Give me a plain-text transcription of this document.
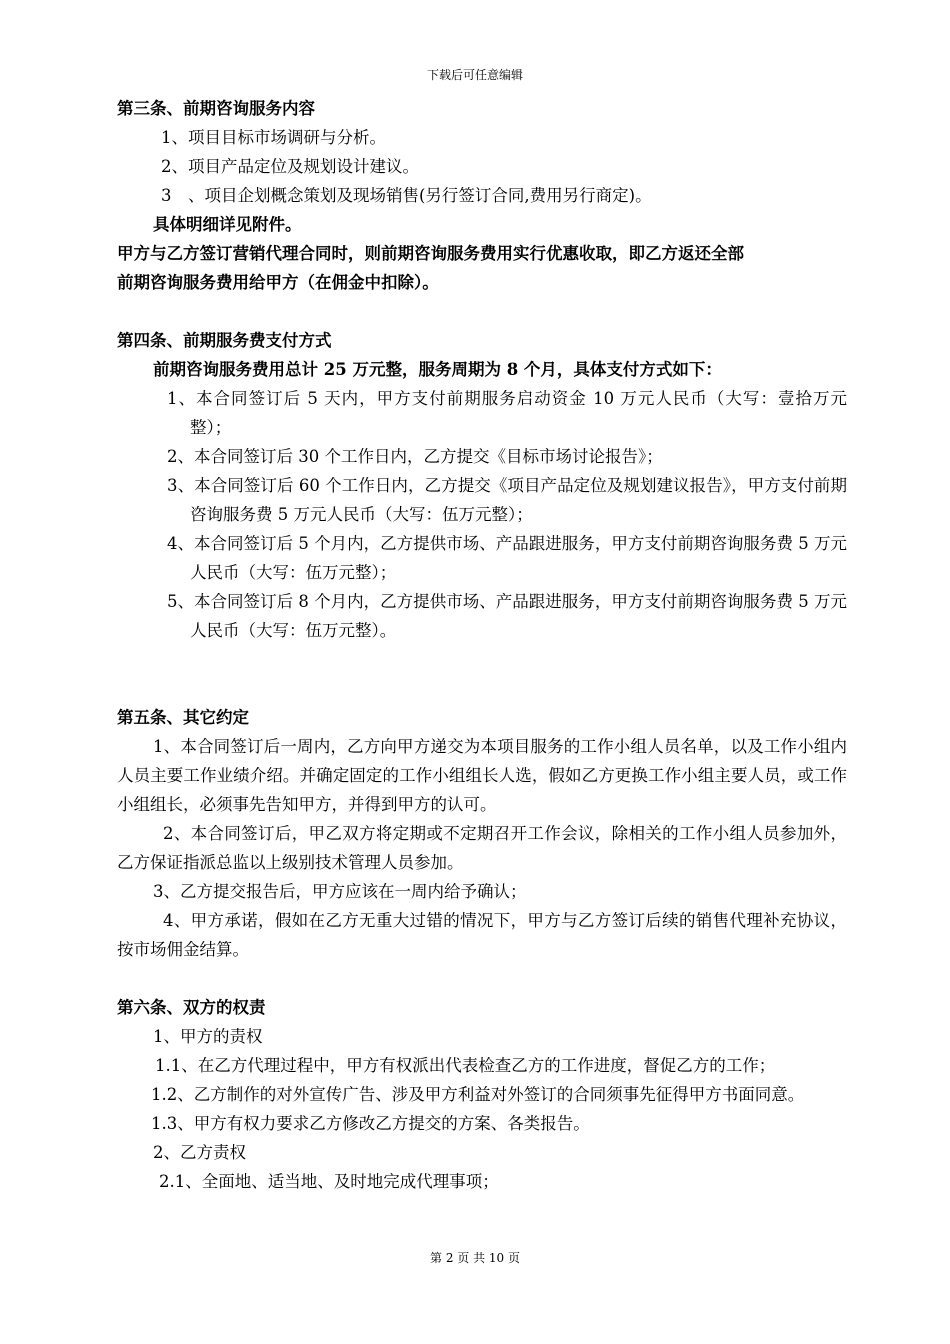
下载后可任意编辑
第三条、前期咨询服务内容
1、项目目标市场调研与分析。
2、项目产品定位及规划设计建议。
3　、项目企划概念策划及现场销售(另行签订合同,费用另行商定)。
具体明细详见附件。
甲方与乙方签订营销代理合同时，则前期咨询服务费用实行优惠收取，即乙方返还全部
前期咨询服务费用给甲方（在佣金中扣除）。
第四条、前期服务费支付方式
前期咨询服务费用总计 25 万元整，服务周期为 8 个月，具体支付方式如下：
1、本合同签订后 5 天内，甲方支付前期服务启动资金 10 万元人民币（大写：壹拾万元整）；
2、本合同签订后 30 个工作日内，乙方提交《目标市场讨论报告》；
3、本合同签订后 60 个工作日内，乙方提交《项目产品定位及规划建议报告》，甲方支付前期咨询服务费 5 万元人民币（大写：伍万元整）；
4、本合同签订后 5 个月内，乙方提供市场、产品跟进服务，甲方支付前期咨询服务费 5 万元人民币（大写：伍万元整）；
5、本合同签订后 8 个月内，乙方提供市场、产品跟进服务，甲方支付前期咨询服务费 5 万元人民币（大写：伍万元整）。
第五条、其它约定
1、本合同签订后一周内，乙方向甲方递交为本项目服务的工作小组人员名单，以及工作小组内人员主要工作业绩介绍。并确定固定的工作小组组长人选，假如乙方更换工作小组主要人员，或工作小组组长，必须事先告知甲方，并得到甲方的认可。
2、本合同签订后，甲乙双方将定期或不定期召开工作会议，除相关的工作小组人员参加外，乙方保证指派总监以上级别技术管理人员参加。
3、乙方提交报告后，甲方应该在一周内给予确认；
4、甲方承诺，假如在乙方无重大过错的情况下，甲方与乙方签订后续的销售代理补充协议，按市场佣金结算。
第六条、双方的权责
1、甲方的责权
1.1、在乙方代理过程中，甲方有权派出代表检查乙方的工作进度，督促乙方的工作；
1.2、乙方制作的对外宣传广告、涉及甲方利益对外签订的合同须事先征得甲方书面同意。
1.3、甲方有权力要求乙方修改乙方提交的方案、各类报告。
2、乙方责权
2.1、全面地、适当地、及时地完成代理事项；
第 2 页 共 10 页
